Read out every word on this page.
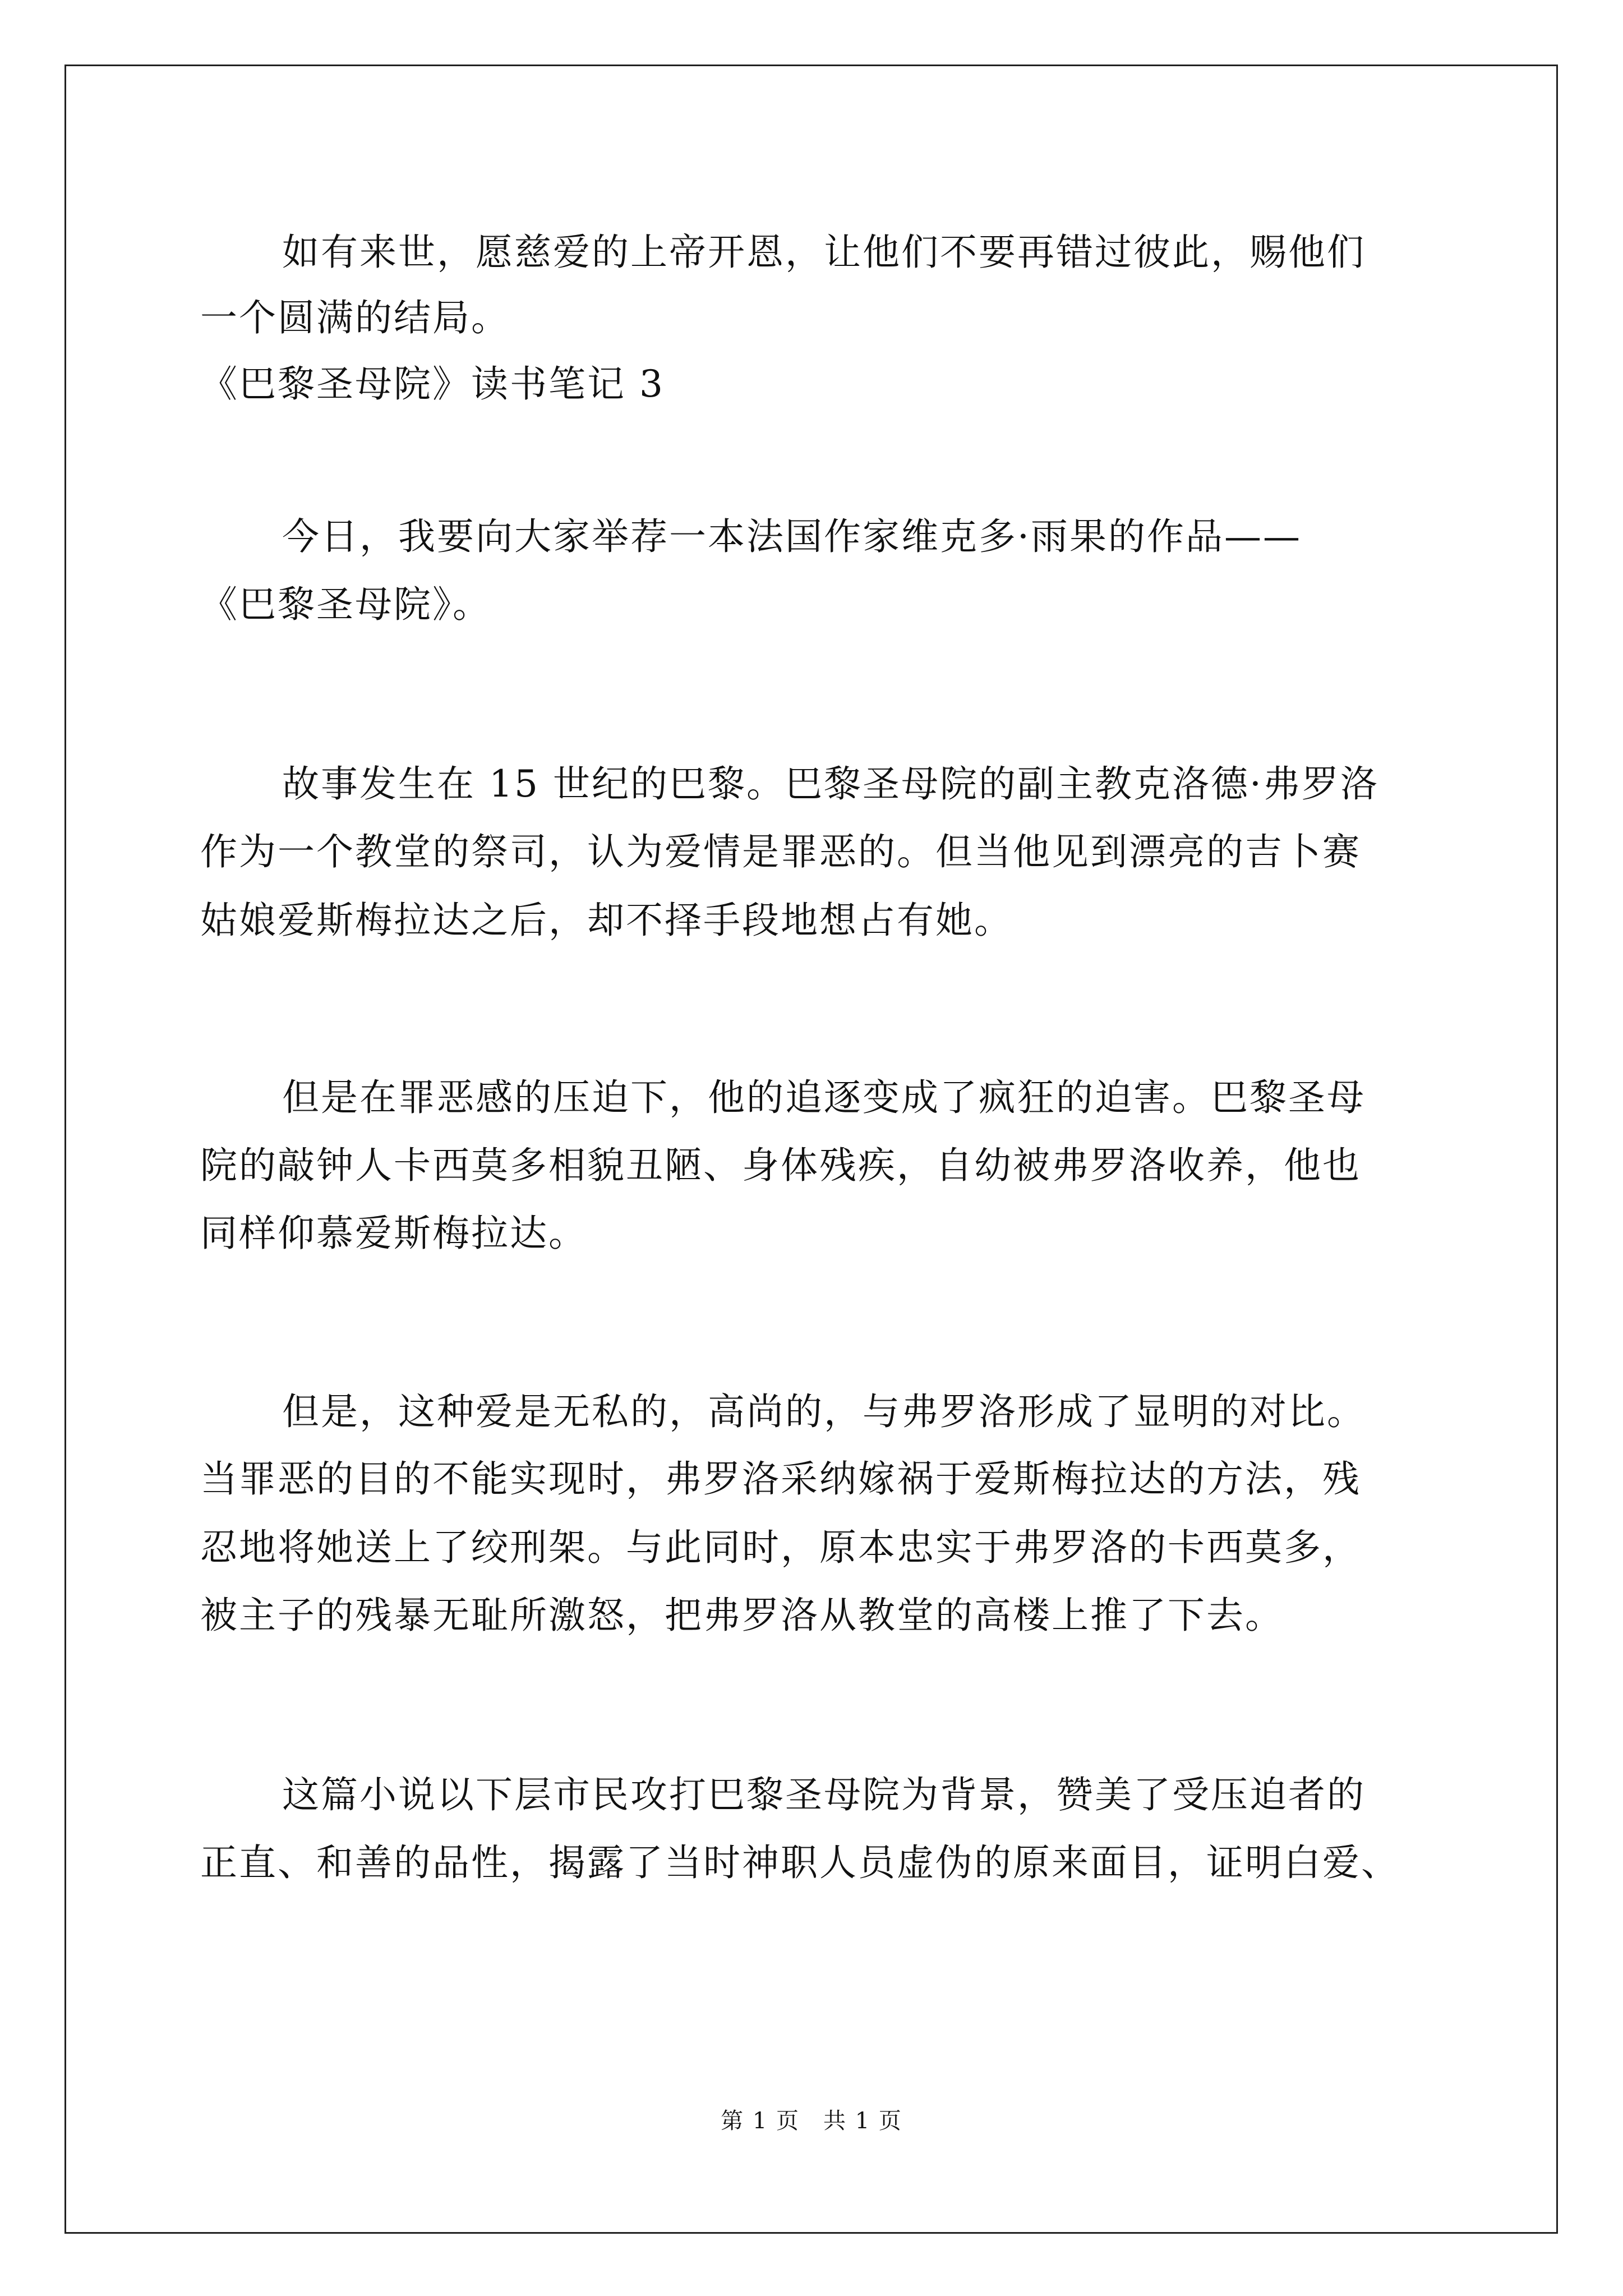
如有来世，愿慈爱的上帝开恩，让他们不要再错过彼此，赐他们
一个圆满的结局。
《巴黎圣母院》读书笔记 3
今日，我要向大家举荐一本法国作家维克多·雨果的作品——
《巴黎圣母院》。
故事发生在 15 世纪的巴黎。巴黎圣母院的副主教克洛德·弗罗洛
作为一个教堂的祭司，认为爱情是罪恶的。但当他见到漂亮的吉卜赛
姑娘爱斯梅拉达之后，却不择手段地想占有她。
但是在罪恶感的压迫下，他的追逐变成了疯狂的迫害。巴黎圣母
院的敲钟人卡西莫多相貌丑陋、身体残疾，自幼被弗罗洛收养，他也
同样仰慕爱斯梅拉达。
但是，这种爱是无私的，高尚的，与弗罗洛形成了显明的对比。
当罪恶的目的不能实现时，弗罗洛采纳嫁祸于爱斯梅拉达的方法，残
忍地将她送上了绞刑架。与此同时，原本忠实于弗罗洛的卡西莫多，
被主子的残暴无耻所激怒，把弗罗洛从教堂的高楼上推了下去。
这篇小说以下层市民攻打巴黎圣母院为背景，赞美了受压迫者的
正直、和善的品性，揭露了当时神职人员虚伪的原来面目，证明白爱、
第 1 页　共 1 页
